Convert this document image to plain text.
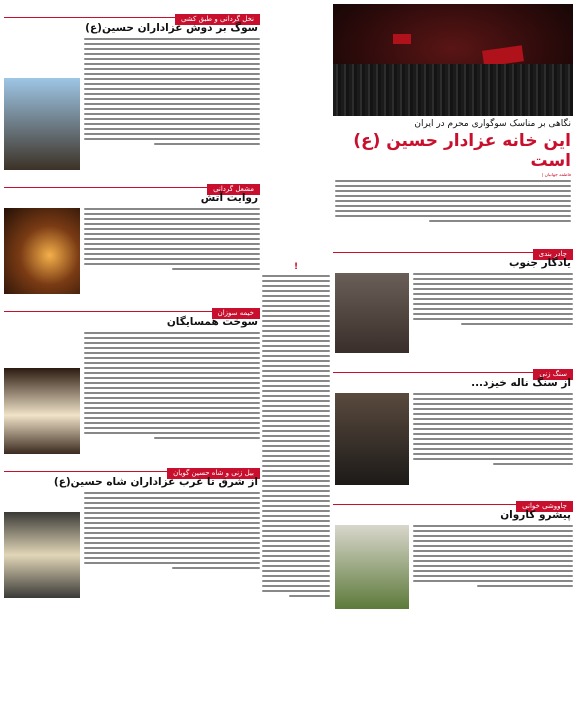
نگاهی بر مناسک سوگواری محرم در ایران
این خانه عزادار حسین (ع) است
فاطمه جهانیان |
چادر بندی
یادگار جنوب
سنگ زنی
از سنگ ناله خیزد...
چاووشی خوانی
پیشرو کاروان
!
نخل گردانی و طبق کشی
سوگ بر دوش عزاداران حسین(ع)
مشعل گردانی
روایت آتش
خیمه سوزان
سوخت همسایگان
بیل زنی و شاه حسین گویان
از شرق تا غرب عزاداران شاه حسین(ع)
